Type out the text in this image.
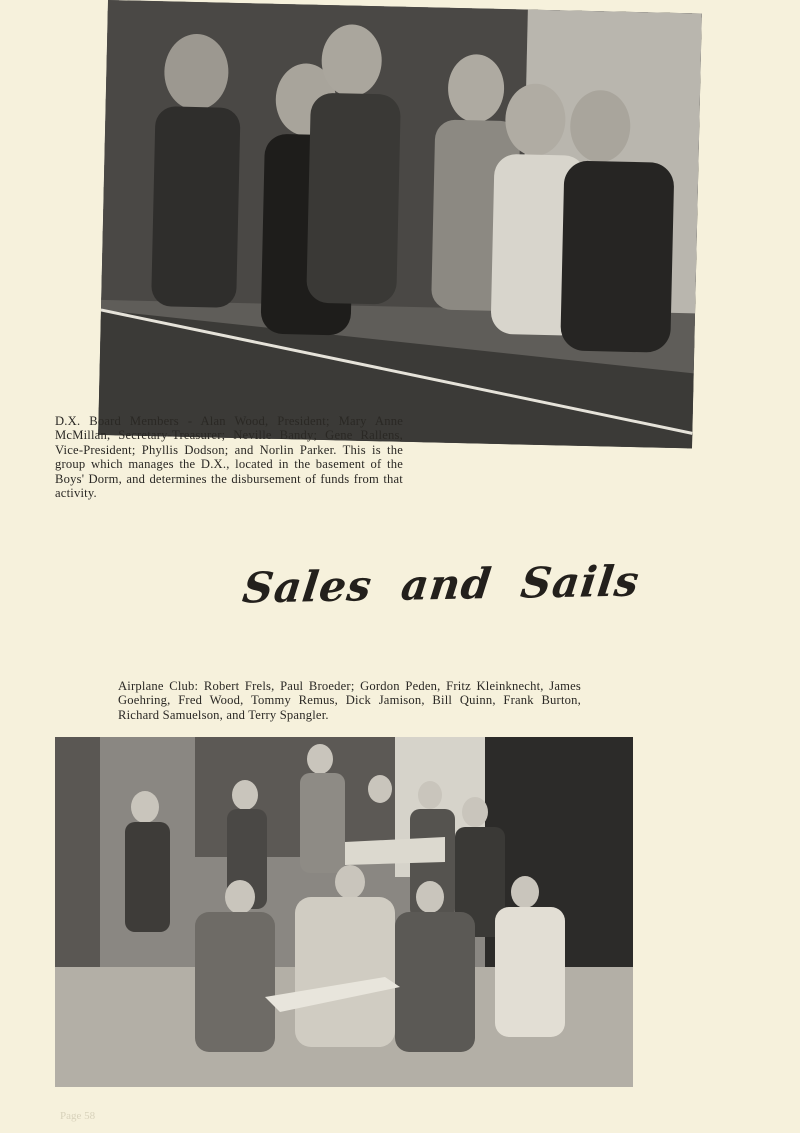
D.X. Board Members - Alan Wood, President; Mary Anne McMillan, Secretary-Treasurer; Neville Bandy; Gene Rallens, Vice-President; Phyllis Dodson; and Norlin Parker. This is the group which manages the D.X., located in the basement of the Boys' Dorm, and determines the disbursement of funds from that activity.

Sales and Sails

Airplane Club: Robert Frels, Paul Broeder; Gordon Peden, Fritz Kleinknecht, James Goehring, Fred Wood, Tommy Remus, Dick Jamison, Bill Quinn, Frank Burton, Richard Samuelson, and Terry Spangler.

Page 58
